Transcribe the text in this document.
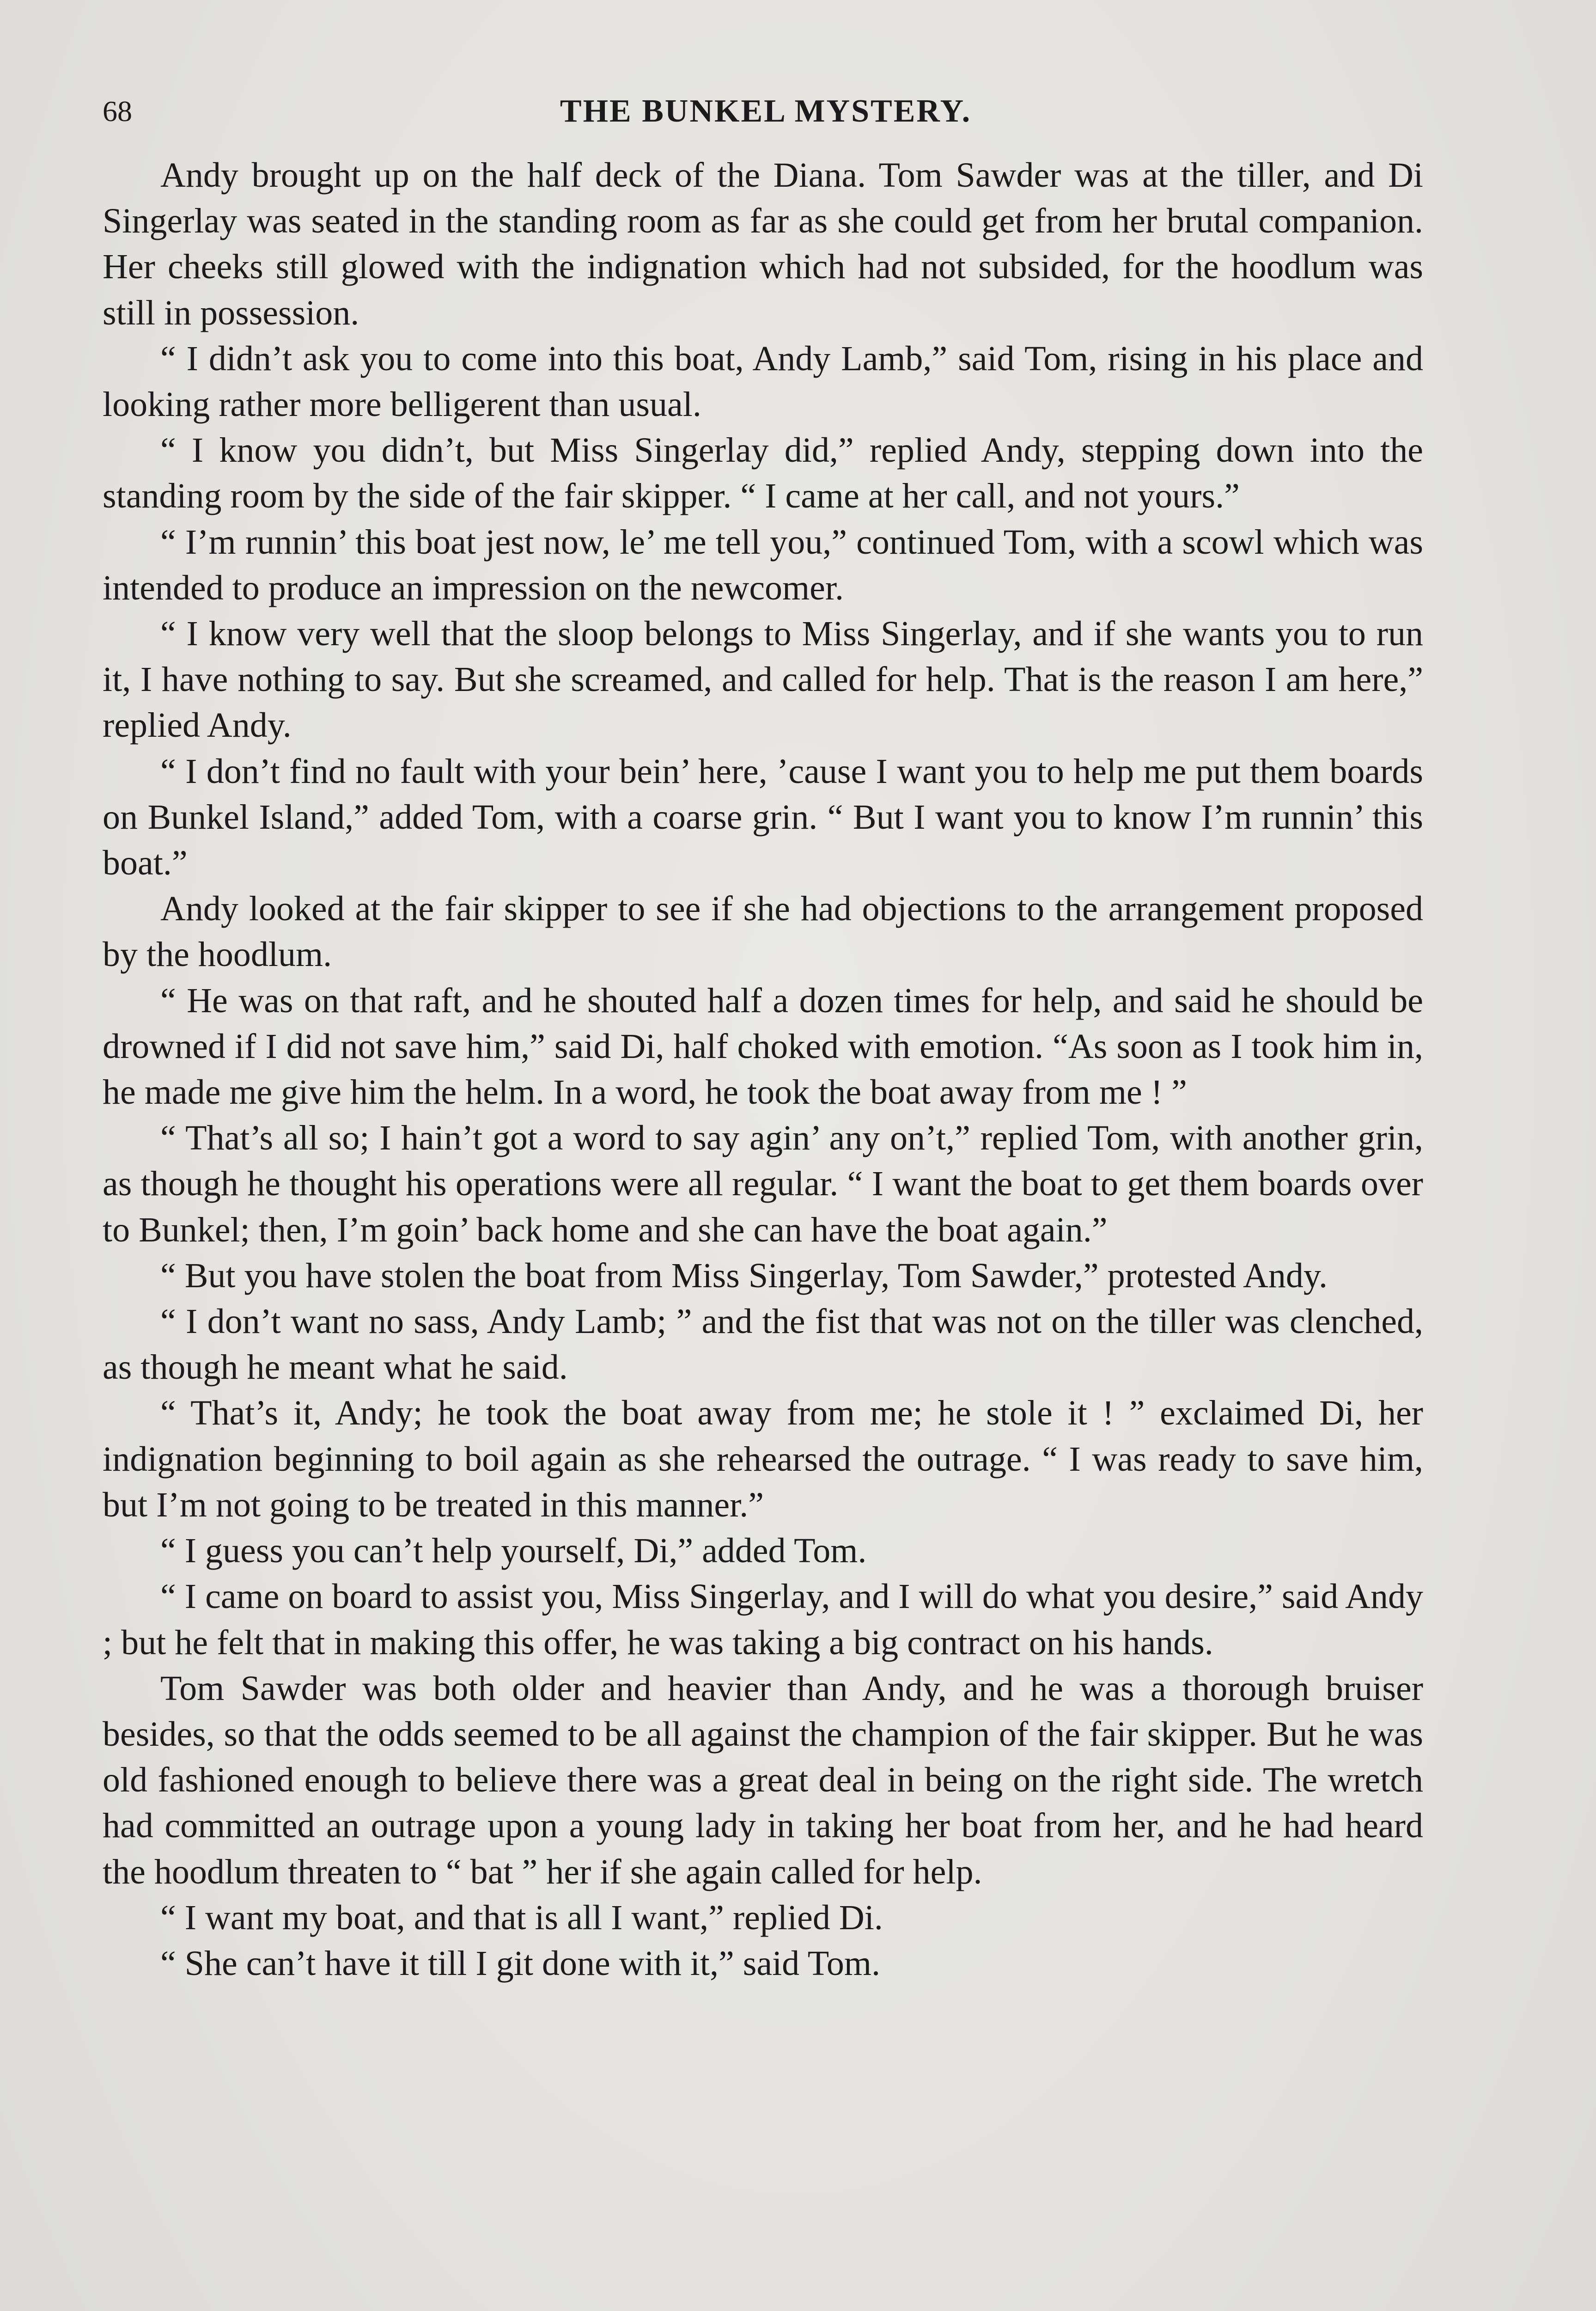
68	THE BUNKEL MYSTERY.

Andy brought up on the half deck of the Diana. Tom Sawder was at the tiller, and Di Singerlay was seated in the standing room as far as she could get from her brutal companion. Her cheeks still glowed with the indignation which had not subsided, for the hoodlum was still in possession.

“ I didn’t ask you to come into this boat, Andy Lamb,” said Tom, rising in his place and looking rather more belligerent than usual.

“ I know you didn’t, but Miss Singerlay did,” replied Andy, stepping down into the standing room by the side of the fair skipper. “ I came at her call, and not yours.”

“ I’m runnin’ this boat jest now, le’ me tell you,” continued Tom, with a scowl which was intended to produce an impression on the newcomer.

“ I know very well that the sloop belongs to Miss Singerlay, and if she wants you to run it, I have nothing to say. But she screamed, and called for help. That is the reason I am here,” replied Andy.

“ I don’t find no fault with your bein’ here, ’cause I want you to help me put them boards on Bunkel Island,” added Tom, with a coarse grin. “ But I want you to know I’m runnin’ this boat.”

Andy looked at the fair skipper to see if she had objections to the arrangement proposed by the hoodlum.

“ He was on that raft, and he shouted half a dozen times for help, and said he should be drowned if I did not save him,” said Di, half choked with emotion. “As soon as I took him in, he made me give him the helm. In a word, he took the boat away from me ! ”

“ That’s all so; I hain’t got a word to say agin’ any on’t,” replied Tom, with another grin, as though he thought his operations were all regular. “ I want the boat to get them boards over to Bunkel; then, I’m goin’ back home and she can have the boat again.”

“ But you have stolen the boat from Miss Singerlay, Tom Sawder,” protested Andy.

“ I don’t want no sass, Andy Lamb; ” and the fist that was not on the tiller was clenched, as though he meant what he said.

“ That’s it, Andy; he took the boat away from me; he stole it ! ” exclaimed Di, her indignation beginning to boil again as she rehearsed the outrage. “ I was ready to save him, but I’m not going to be treated in this manner.”

“ I guess you can’t help yourself, Di,” added Tom.

“ I came on board to assist you, Miss Singerlay, and I will do what you desire,” said Andy ; but he felt that in making this offer, he was taking a big contract on his hands.

Tom Sawder was both older and heavier than Andy, and he was a thorough bruiser besides, so that the odds seemed to be all against the champion of the fair skipper. But he was old fashioned enough to believe there was a great deal in being on the right side. The wretch had committed an outrage upon a young lady in taking her boat from her, and he had heard the hoodlum threaten to “ bat ” her if she again called for help.

“ I want my boat, and that is all I want,” replied Di.

“ She can’t have it till I git done with it,” said Tom.
